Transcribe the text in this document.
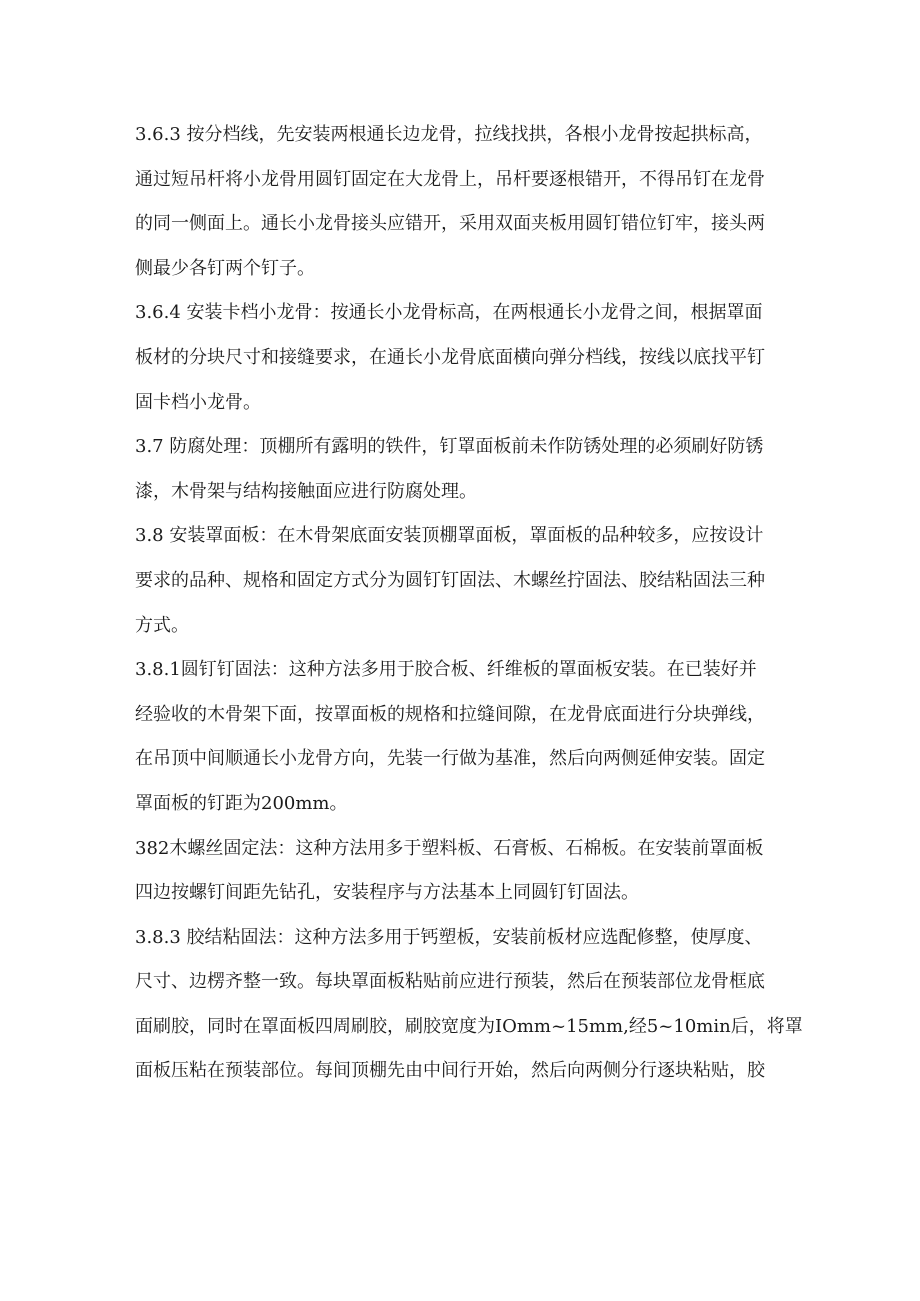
3.6.3 按分档线，先安装两根通长边龙骨，拉线找拱，各根小龙骨按起拱标高，
通过短吊杆将小龙骨用圆钉固定在大龙骨上，吊杆要逐根错开，不得吊钉在龙骨
的同一侧面上。通长小龙骨接头应错开，采用双面夹板用圆钉错位钉牢，接头两
侧最少各钉两个钉子。
3.6.4 安装卡档小龙骨：按通长小龙骨标高，在两根通长小龙骨之间，根据罩面
板材的分块尺寸和接缝要求，在通长小龙骨底面横向弹分档线，按线以底找平钉
固卡档小龙骨。
3.7 防腐处理：顶棚所有露明的铁件，钉罩面板前未作防锈处理的必须刷好防锈
漆，木骨架与结构接触面应进行防腐处理。
3.8 安装罩面板：在木骨架底面安装顶棚罩面板，罩面板的品种较多，应按设计
要求的品种、规格和固定方式分为圆钉钉固法、木螺丝拧固法、胶结粘固法三种
方式。
3.8.1圆钉钉固法：这种方法多用于胶合板、纤维板的罩面板安装。在已装好并
经验收的木骨架下面，按罩面板的规格和拉缝间隙，在龙骨底面进行分块弹线，
在吊顶中间顺通长小龙骨方向，先装一行做为基准，然后向两侧延伸安装。固定
罩面板的钉距为200mm。
382木螺丝固定法：这种方法用多于塑料板、石膏板、石棉板。在安装前罩面板
四边按螺钉间距先钻孔，安装程序与方法基本上同圆钉钉固法。
3.8.3 胶结粘固法：这种方法多用于钙塑板，安装前板材应选配修整，使厚度、
尺寸、边楞齐整一致。每块罩面板粘贴前应进行预装，然后在预装部位龙骨框底
面刷胶，同时在罩面板四周刷胶，刷胶宽度为IOmm~15mm,经5~10min后，将罩
面板压粘在预装部位。每间顶棚先由中间行开始，然后向两侧分行逐块粘贴，胶
